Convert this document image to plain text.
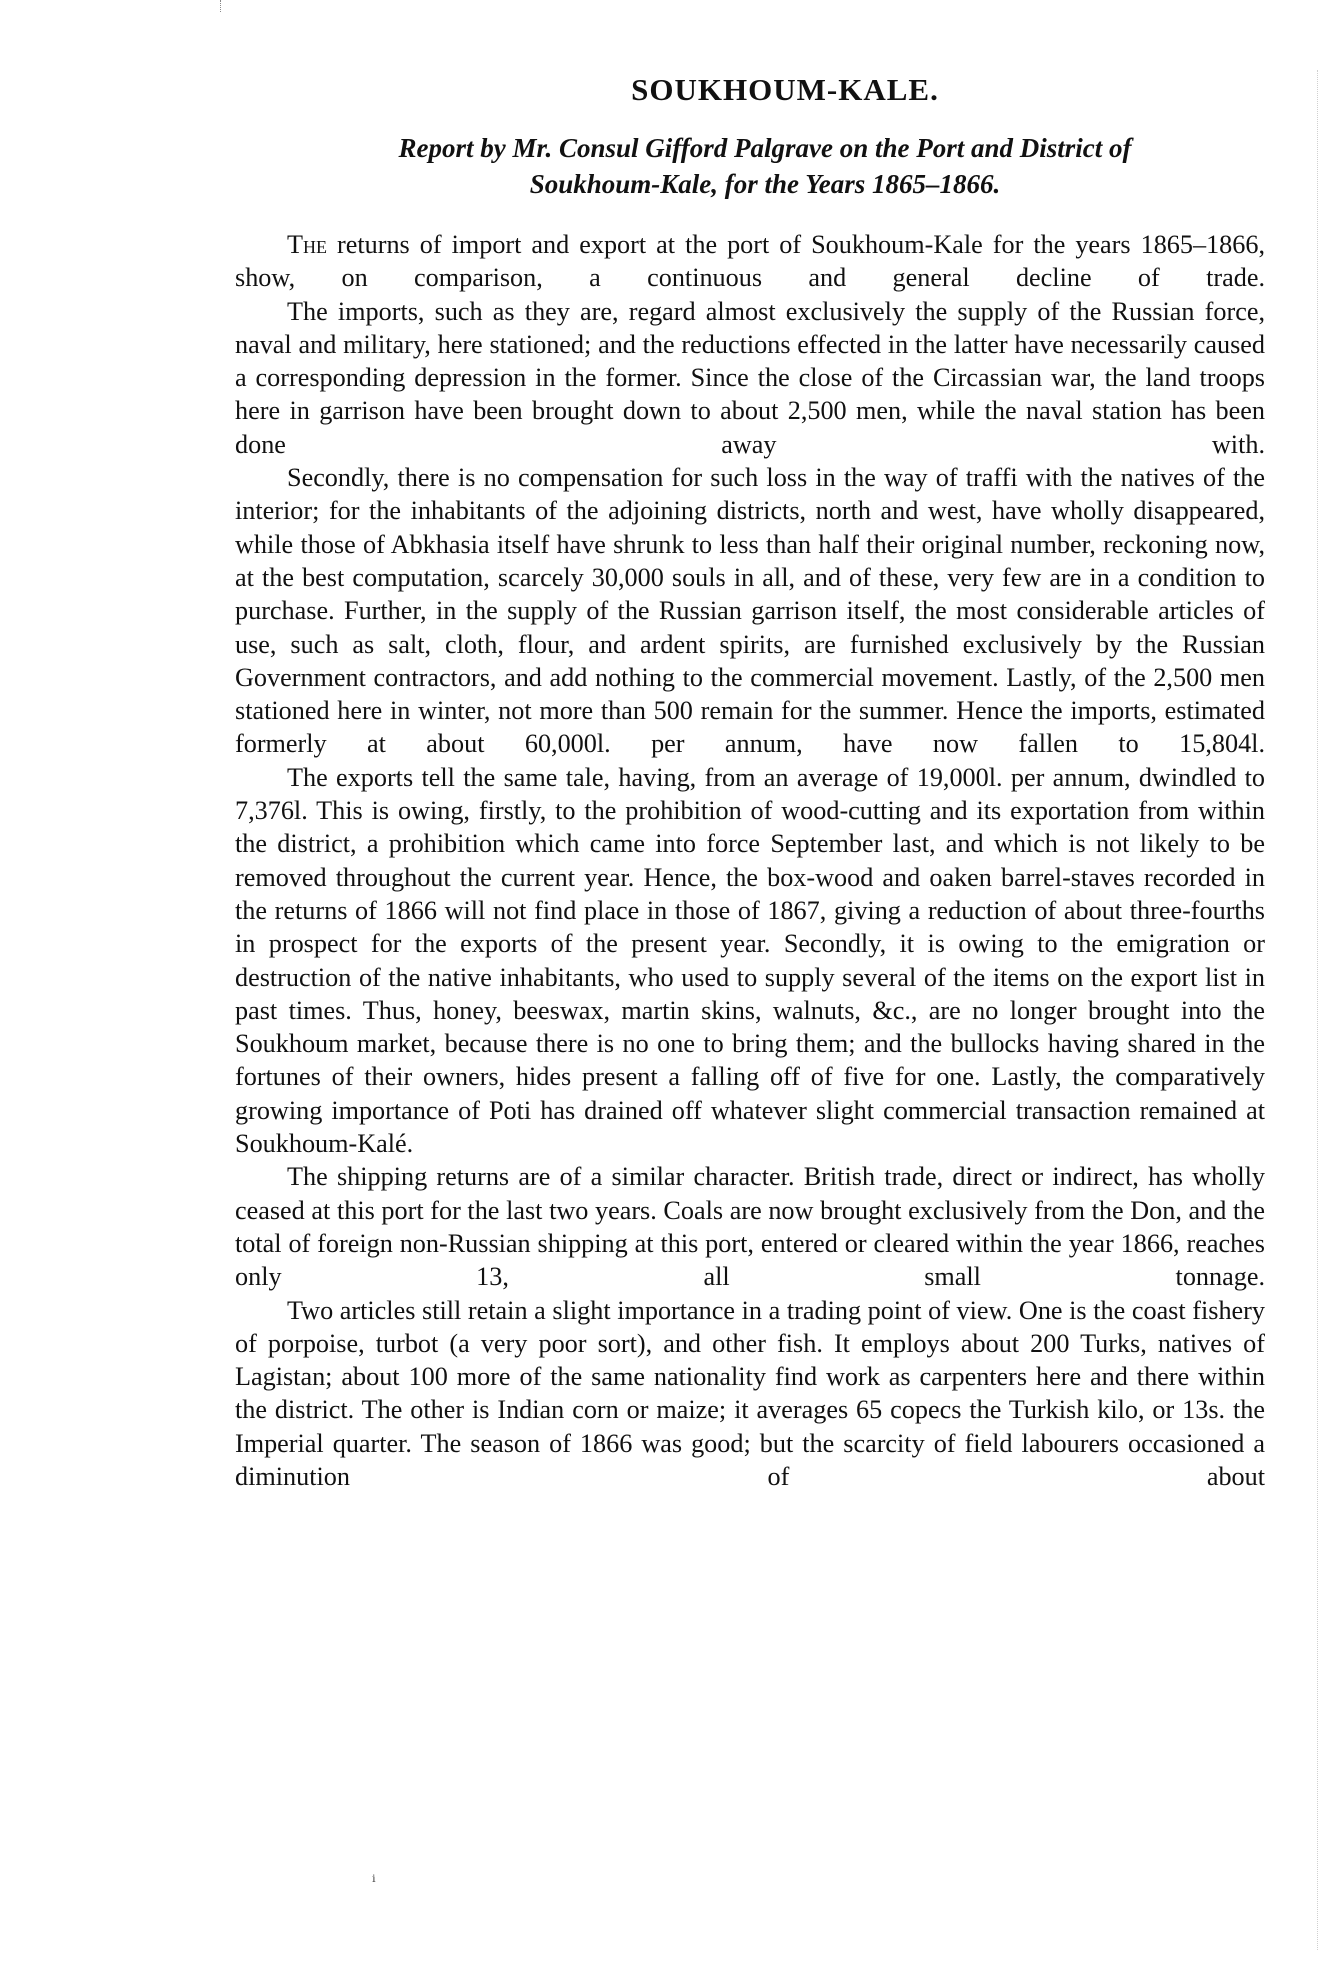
SOUKHOUM-KALE.
Report by Mr. Consul Gifford Palgrave on the Port and District of
Soukhoum-Kale, for the Years 1865–1866.

The returns of import and export at the port of Soukhoum-Kale for the years 1865–1866, show, on comparison, a continuous and general decline of trade.

The imports, such as they are, regard almost exclusively the supply of the Russian force, naval and military, here stationed; and the reductions effected in the latter have necessarily caused a corresponding depression in the former. Since the close of the Circassian war, the land troops here in garrison have been brought down to about 2,500 men, while the naval station has been done away with.

Secondly, there is no compensation for such loss in the way of traffi with the natives of the interior; for the inhabitants of the adjoining districts, north and west, have wholly disappeared, while those of Abkhasia itself have shrunk to less than half their original number, reckoning now, at the best computation, scarcely 30,000 souls in all, and of these, very few are in a condition to purchase. Further, in the supply of the Russian garrison itself, the most considerable articles of use, such as salt, cloth, flour, and ardent spirits, are furnished exclusively by the Russian Government contractors, and add nothing to the commercial movement. Lastly, of the 2,500 men stationed here in winter, not more than 500 remain for the summer. Hence the imports, estimated formerly at about 60,000l. per annum, have now fallen to 15,804l.

The exports tell the same tale, having, from an average of 19,000l. per annum, dwindled to 7,376l. This is owing, firstly, to the prohibition of wood-cutting and its exportation from within the district, a prohibition which came into force September last, and which is not likely to be removed throughout the current year. Hence, the box-wood and oaken barrel-staves recorded in the returns of 1866 will not find place in those of 1867, giving a reduction of about three-fourths in prospect for the exports of the present year. Secondly, it is owing to the emigration or destruction of the native inhabitants, who used to supply several of the items on the export list in past times. Thus, honey, beeswax, martin skins, walnuts, &c., are no longer brought into the Soukhoum market, because there is no one to bring them; and the bullocks having shared in the fortunes of their owners, hides present a falling off of five for one. Lastly, the comparatively growing importance of Poti has drained off whatever slight commercial transaction remained at Soukhoum-Kalé.

The shipping returns are of a similar character. British trade, direct or indirect, has wholly ceased at this port for the last two years. Coals are now brought exclusively from the Don, and the total of foreign non-Russian shipping at this port, entered or cleared within the year 1866, reaches only 13, all small tonnage.

Two articles still retain a slight importance in a trading point of view. One is the coast fishery of porpoise, turbot (a very poor sort), and other fish. It employs about 200 Turks, natives of Lagistan; about 100 more of the same nationality find work as carpenters here and there within the district. The other is Indian corn or maize; it averages 65 copecs the Turkish kilo, or 13s. the Imperial quarter. The season of 1866 was good; but the scarcity of field labourers occasioned a diminution of about

ⁱ
